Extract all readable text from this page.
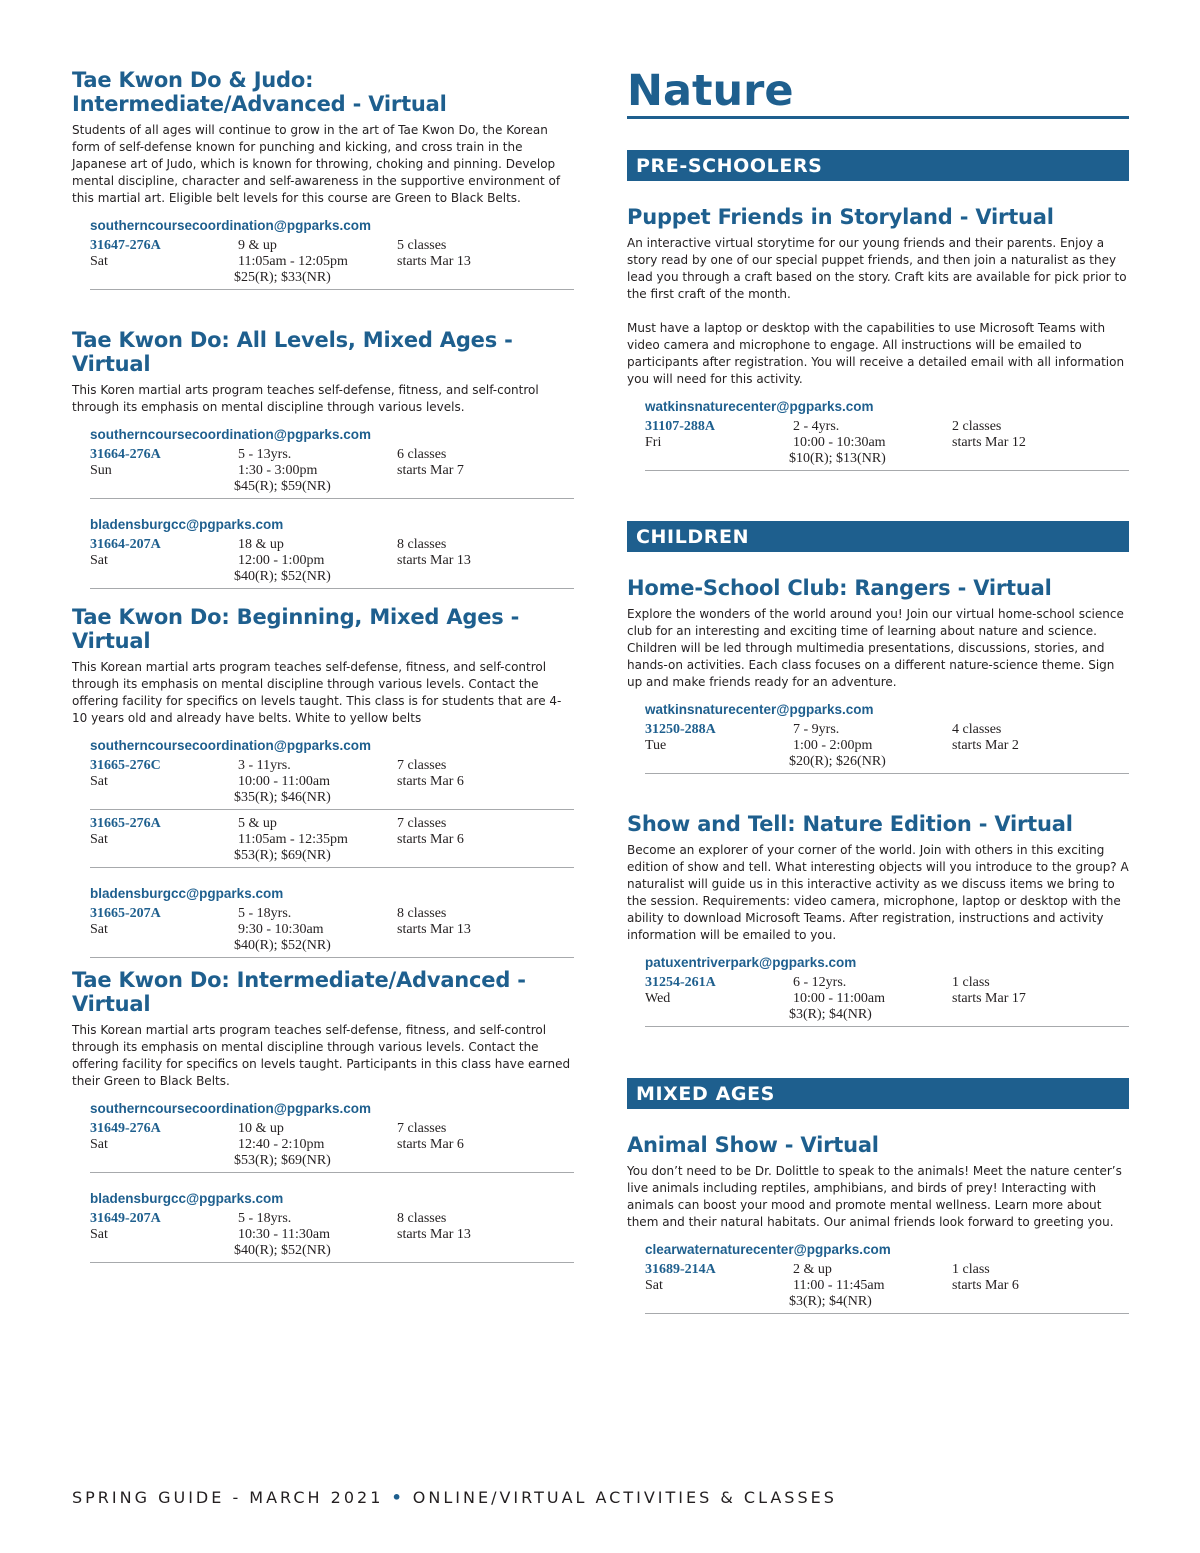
Tae Kwon Do & Judo: Intermediate/Advanced - Virtual

Students of all ages will continue to grow in the art of Tae Kwon Do, the Korean form of self-defense known for punching and kicking, and cross train in the Japanese art of Judo, which is known for throwing, choking and pinning. Develop mental discipline, character and self-awareness in the supportive environment of this martial art. Eligible belt levels for this course are Green to Black Belts.

southerncoursecoordination@pgparks.com
31647-276A	9 & up	5 classes
Sat	11:05am - 12:05pm	starts Mar 13
$25(R); $33(NR)
Tae Kwon Do: All Levels, Mixed Ages - Virtual

This Koren martial arts program teaches self-defense, fitness, and self-control through its emphasis on mental discipline through various levels.

southerncoursecoordination@pgparks.com
31664-276A	5 - 13yrs.	6 classes
Sun	1:30 - 3:00pm	starts Mar 7
$45(R); $59(NR)
bladensburgcc@pgparks.com
31664-207A	18 & up	8 classes
Sat	12:00 - 1:00pm	starts Mar 13
$40(R); $52(NR)
Tae Kwon Do: Beginning, Mixed Ages - Virtual

This Korean martial arts program teaches self-defense, fitness, and self-control through its emphasis on mental discipline through various levels. Contact the offering facility for specifics on levels taught. This class is for students that are 4-10 years old and already have belts. White to yellow belts

southerncoursecoordination@pgparks.com
31665-276C	3 - 11yrs.	7 classes
Sat	10:00 - 11:00am	starts Mar 6
$35(R); $46(NR)
31665-276A	5 & up	7 classes
Sat	11:05am - 12:35pm	starts Mar 6
$53(R); $69(NR)
bladensburgcc@pgparks.com
31665-207A	5 - 18yrs.	8 classes
Sat	9:30 - 10:30am	starts Mar 13
$40(R); $52(NR)
Tae Kwon Do: Intermediate/Advanced - Virtual

This Korean martial arts program teaches self-defense, fitness, and self-control through its emphasis on mental discipline through various levels. Contact the offering facility for specifics on levels taught. Participants in this class have earned their Green to Black Belts.

southerncoursecoordination@pgparks.com
31649-276A	10 & up	7 classes
Sat	12:40 - 2:10pm	starts Mar 6
$53(R); $69(NR)
bladensburgcc@pgparks.com
31649-207A	5 - 18yrs.	8 classes
Sat	10:30 - 11:30am	starts Mar 13
$40(R); $52(NR)
Nature
PRE-SCHOOLERS
Puppet Friends in Storyland - Virtual

An interactive virtual storytime for our young friends and their parents. Enjoy a story read by one of our special puppet friends, and then join a naturalist as they lead you through a craft based on the story. Craft kits are available for pick prior to the first craft of the month.

Must have a laptop or desktop with the capabilities to use Microsoft Teams with video camera and microphone to engage. All instructions will be emailed to participants after registration. You will receive a detailed email with all information you will need for this activity.

watkinsnaturecenter@pgparks.com
31107-288A	2 - 4yrs.	2 classes
Fri	10:00 - 10:30am	starts Mar 12
$10(R); $13(NR)
CHILDREN
Home-School Club: Rangers - Virtual

Explore the wonders of the world around you! Join our virtual home-school science club for an interesting and exciting time of learning about nature and science. Children will be led through multimedia presentations, discussions, stories, and hands-on activities. Each class focuses on a different nature-science theme. Sign up and make friends ready for an adventure.

watkinsnaturecenter@pgparks.com
31250-288A	7 - 9yrs.	4 classes
Tue	1:00 - 2:00pm	starts Mar 2
$20(R); $26(NR)
Show and Tell: Nature Edition - Virtual

Become an explorer of your corner of the world. Join with others in this exciting edition of show and tell. What interesting objects will you introduce to the group? A naturalist will guide us in this interactive activity as we discuss items we bring to the session. Requirements: video camera, microphone, laptop or desktop with the ability to download Microsoft Teams. After registration, instructions and activity information will be emailed to you.

patuxentriverpark@pgparks.com
31254-261A	6 - 12yrs.	1 class
Wed	10:00 - 11:00am	starts Mar 17
$3(R); $4(NR)
MIXED AGES
Animal Show - Virtual

You don’t need to be Dr. Dolittle to speak to the animals! Meet the nature center’s live animals including reptiles, amphibians, and birds of prey! Interacting with animals can boost your mood and promote mental wellness. Learn more about them and their natural habitats. Our animal friends look forward to greeting you.

clearwaternaturecenter@pgparks.com
31689-214A	2 & up	1 class
Sat	11:00 - 11:45am	starts Mar 6
$3(R); $4(NR)
SPRING GUIDE - MARCH 2021 • ONLINE/VIRTUAL ACTIVITIES & CLASSES
